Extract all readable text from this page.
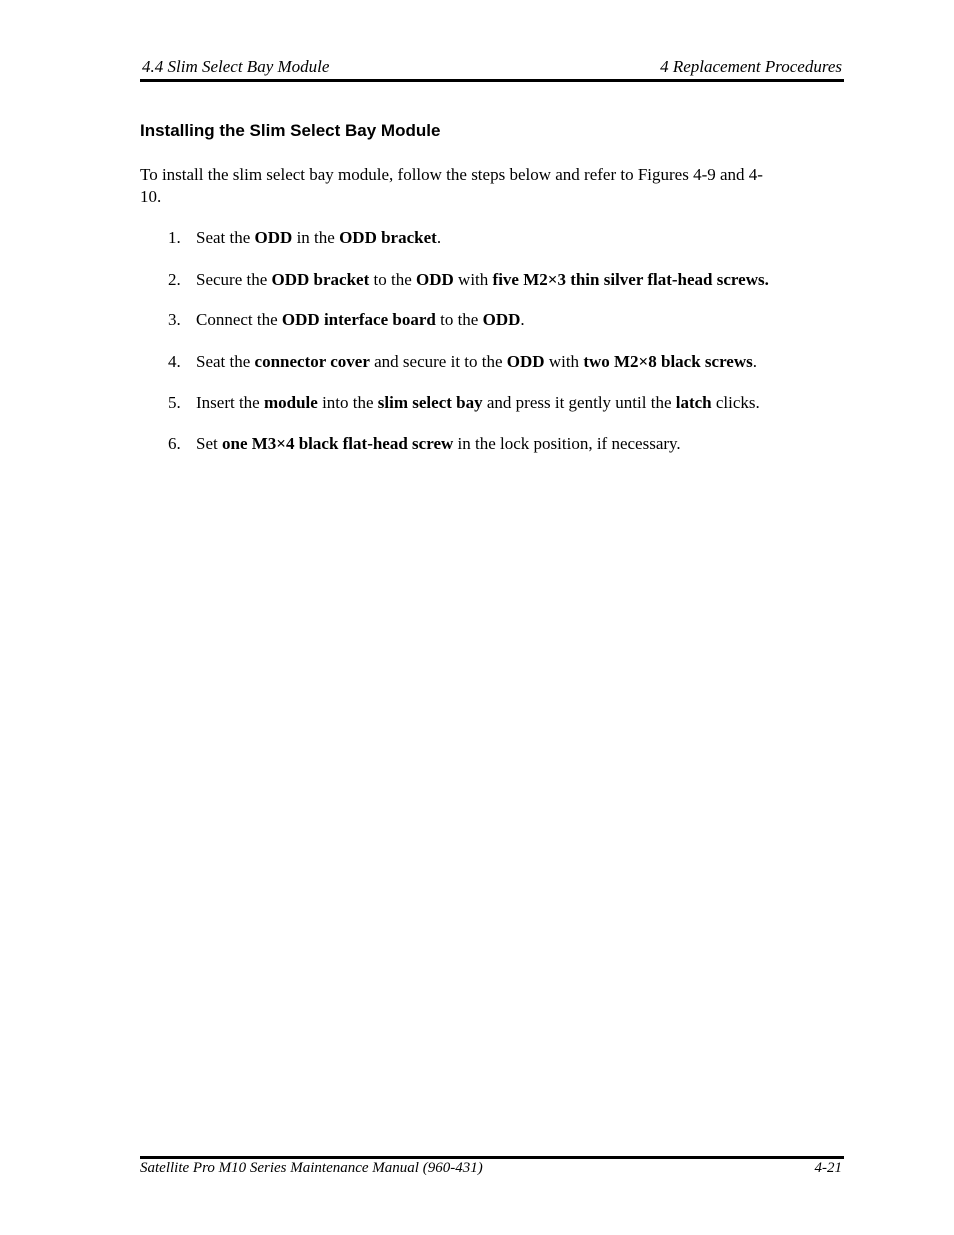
4.4 Slim Select Bay Module	4 Replacement Procedures
Installing the Slim Select Bay Module
To install the slim select bay module, follow the steps below and refer to Figures 4-9 and 4-
10.
1. Seat the ODD in the ODD bracket.
2. Secure the ODD bracket to the ODD with five M2×3 thin silver flat-head screws.
3. Connect the ODD interface board to the ODD.
4. Seat the connector cover and secure it to the ODD with two M2×8 black screws.
5. Insert the module into the slim select bay and press it gently until the latch clicks.
6. Set one M3×4 black flat-head screw in the lock position, if necessary.
Satellite Pro M10 Series Maintenance Manual (960-431)	4-21
